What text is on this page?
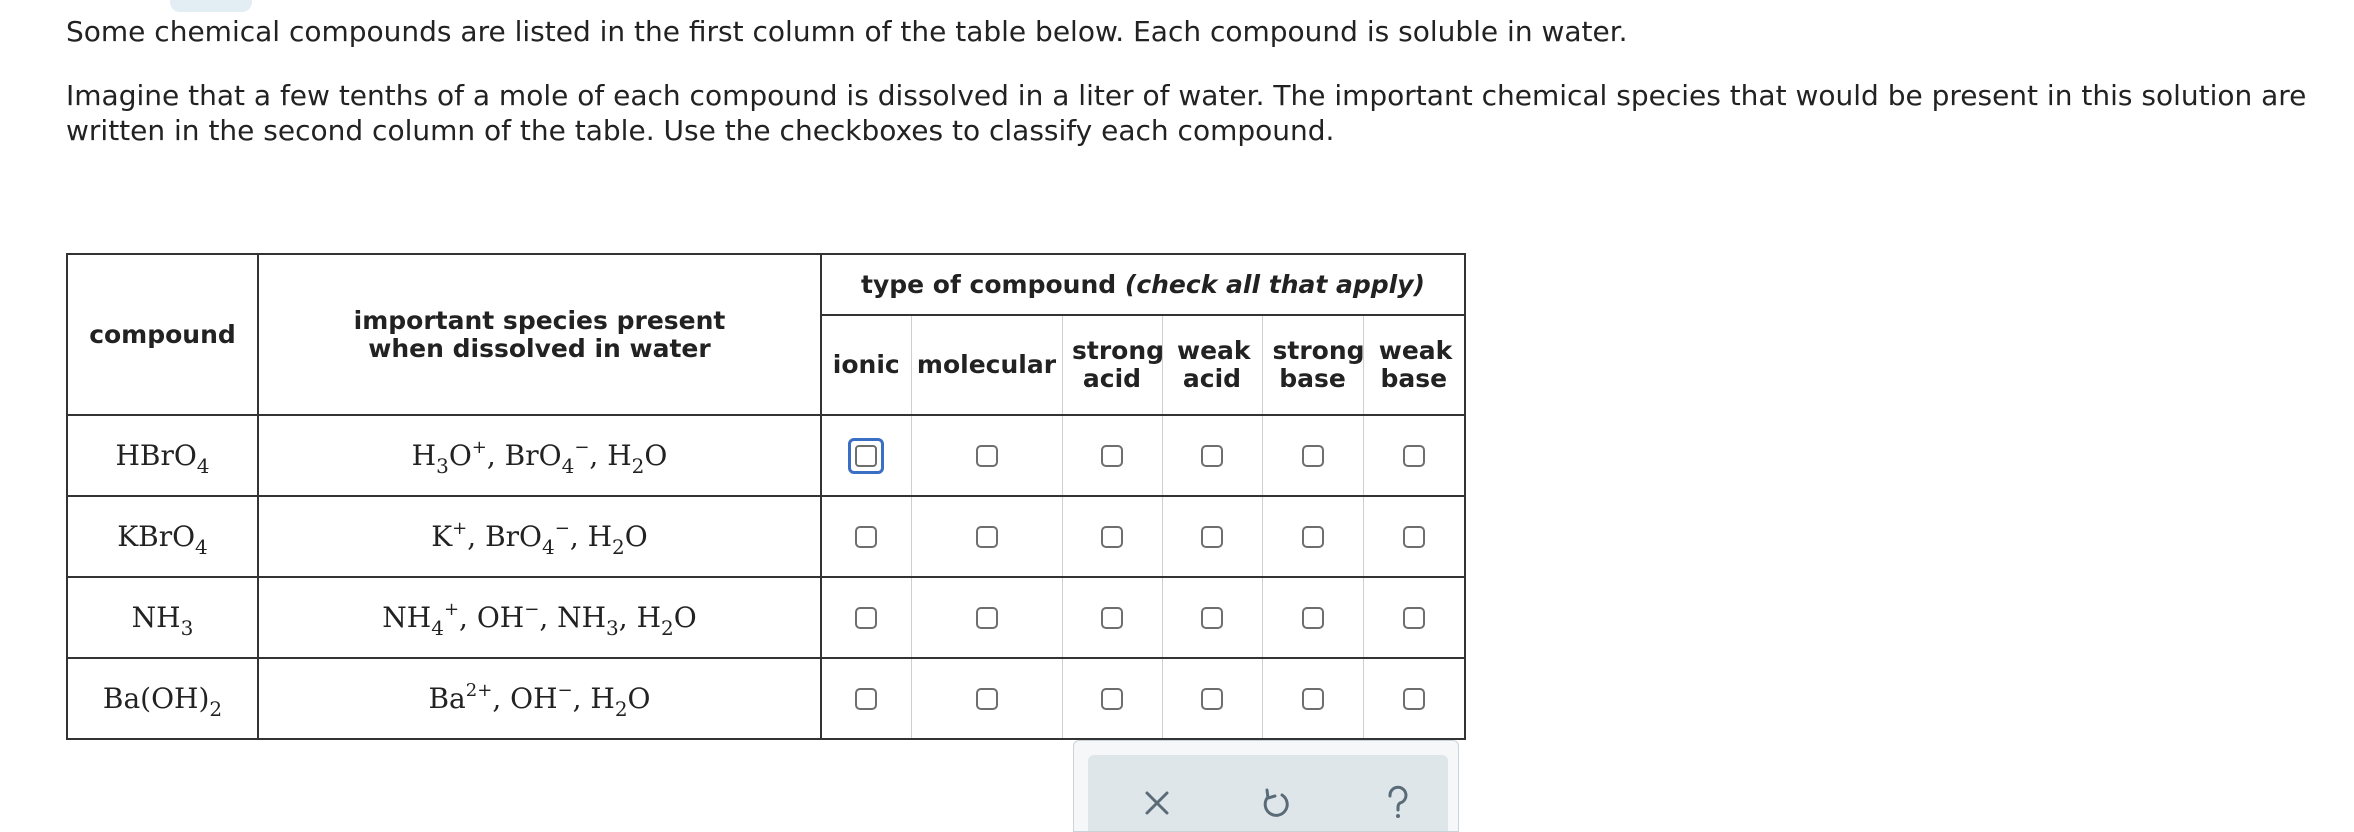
Some chemical compounds are listed in the first column of the table below. Each compound is soluble in water.

Imagine that a few tenths of a mole of each compound is dissolved in a liter of water. The important chemical species that would be present in this solution are written in the second column of the table. Use the checkboxes to classify each compound.

compound	important species present when dissolved in water	type of compound (check all that apply)					
		ionic	molecular	strong acid	weak acid	strong base	weak base
HBrO$_4$	$H_3O^+$, BrO$_4$−, $H_2O$						
KBrO$_4$	K+, BrO$_4$−, $H_2O$						
$NH_3$	$NH_4^+$, OH−, $NH_3$, $H_2O$						
$Ba(OH)_2$	$Ba^{2+}$, OH−, $H_2O$						
